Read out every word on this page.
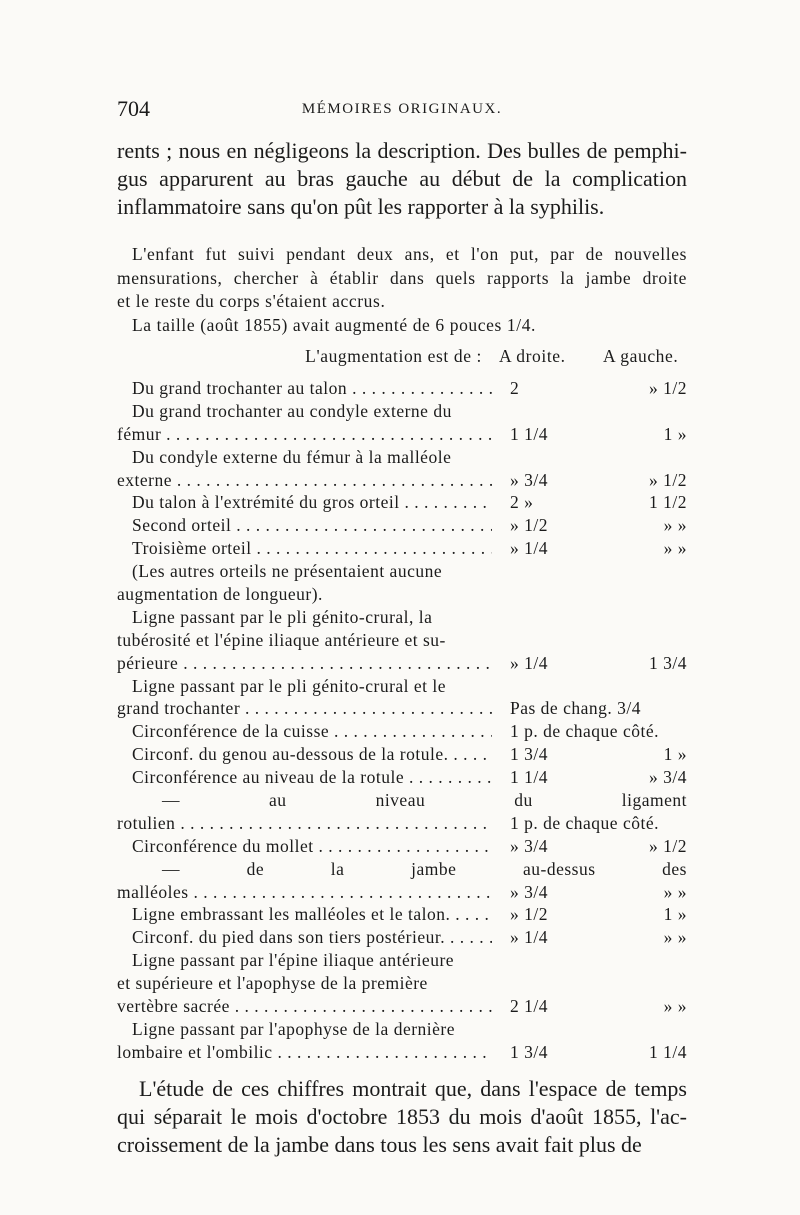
704	MÉMOIRES ORIGINAUX.
rents ; nous en négligeons la description. Des bulles de pemphi-
gus apparurent au bras gauche au début de la complication
inflammatoire sans qu'on pût les rapporter à la syphilis.
L'enfant fut suivi pendant deux ans, et l'on put, par de nouvelles
mensurations, chercher à établir dans quels rapports la jambe droite
et le reste du corps s'étaient accrus.
La taille (août 1855) avait augmenté de 6 pouces 1/4.
L'augmentation est de : A droite. A gauche.
Du grand trochanter au talon . . .	2	» 1/2
Du grand trochanter au condyle externe du
fémur . . .	1 1/4	1 »
Du condyle externe du fémur à la malléole
externe . . .	» 3/4	» 1/2
Du talon à l'extrémité du gros orteil . . .	2 »	1 1/2
Second orteil . . .	» 1/2	» »
Troisième orteil . . .	» 1/4	» »
(Les autres orteils ne présentaient aucune
augmentation de longueur).
Ligne passant par le pli génito-crural, la
tubérosité et l'épine iliaque antérieure et su-
périeure . . .	» 1/4	1 3/4
Ligne passant par le pli génito-crural et le
grand trochanter . . .	Pas de chang. 3/4
Circonférence de la cuisse . . .	1 p. de chaque côté.
Circonf. du genou au-dessous de la rotule. . . .	1 3/4	1 »
Circonférence au niveau de la rotule . . .	1 1/4	» 3/4
— au niveau du ligament
rotulien . . .	1 p. de chaque côté.
Circonférence du mollet . . .	» 3/4	» 1/2
— de la jambe au-dessus des
malléoles . . .	» 3/4	» »
Ligne embrassant les malléoles et le talon. . . .	» 1/2	1 »
Circonf. du pied dans son tiers postérieur. . . .	» 1/4	» »
Ligne passant par l'épine iliaque antérieure
et supérieure et l'apophyse de la première
vertèbre sacrée . . .	2 1/4	» »
Ligne passant par l'apophyse de la dernière
lombaire et l'ombilic . . .	1 3/4	1 1/4
L'étude de ces chiffres montrait que, dans l'espace de temps
qui séparait le mois d'octobre 1853 du mois d'août 1855, l'ac-
croissement de la jambe dans tous les sens avait fait plus de
